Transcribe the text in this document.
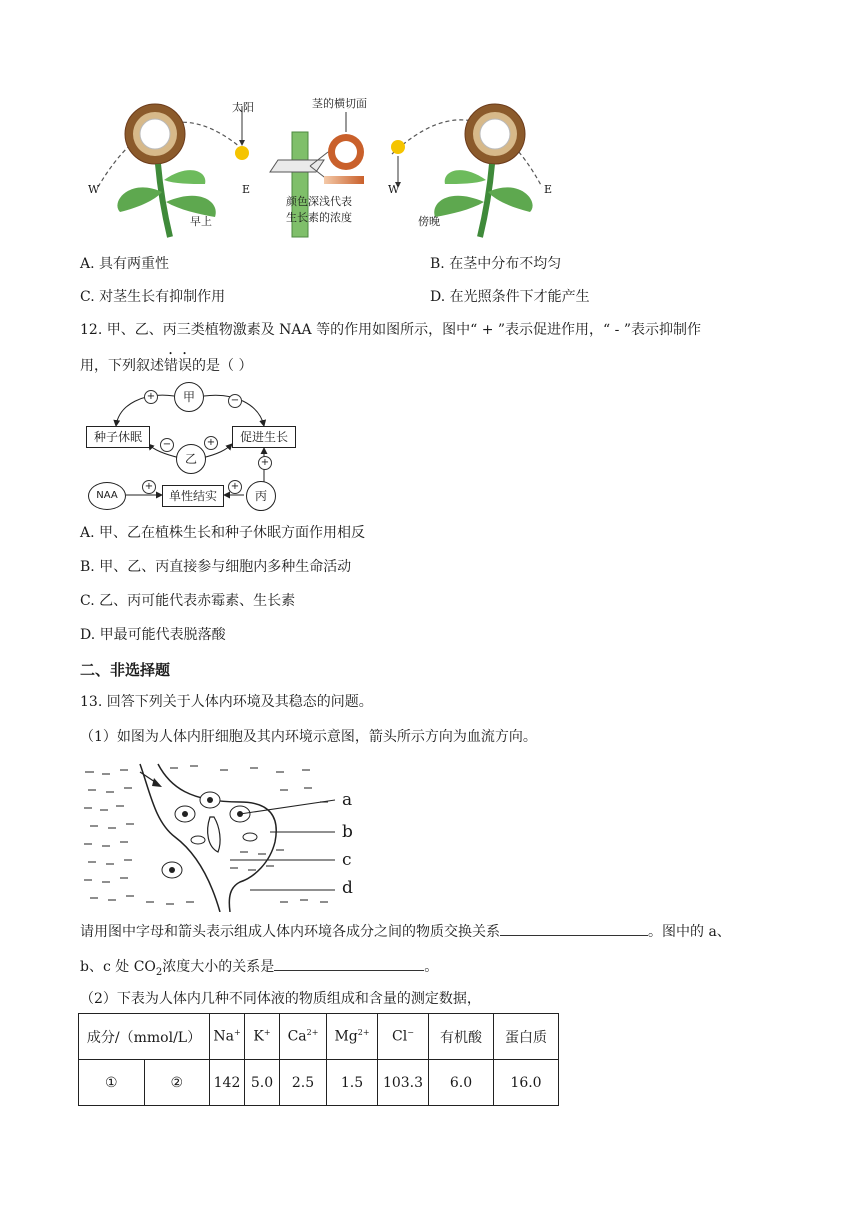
太阳	茎的横切面
颜色深浅代表
生长素的浓度
W	E
早上
W	E
傍晚
A. 具有两重性	B. 在茎中分布不均匀
C. 对茎生长有抑制作用	D. 在光照条件下才能产生
12. 甲、乙、丙三类植物激素及 NAA 等的作用如图所示，图中“ + ”表示促进作用，“ - ”表示抑制作
用，下列叙述错误的是（ ）
甲
种子休眠	促进生长
乙
NAA	单性结实	丙
+	−
−	+
+	+
+
A. 甲、乙在植株生长和种子休眠方面作用相反
B. 甲、乙、丙直接参与细胞内多种生命活动
C. 乙、丙可能代表赤霉素、生长素
D. 甲最可能代表脱落酸
二、非选择题
13. 回答下列关于人体内环境及其稳态的问题。
（1）如图为人体内肝细胞及其内环境示意图，箭头所示方向为血流方向。
a
b
c
d
请用图中字母和箭头表示组成人体内环境各成分之间的物质交换关系	。图中的 a、
b、c 处 $CO_2$浓度大小的关系是	。
（2）下表为人体内几种不同体液的物质组成和含量的测定数据，
成分/（mmol/L）		Na+	K+	$Ca^{2+}$	$Mg^{2+}$	Cl−	有机酸	蛋白质
①	②	142	5.0	2.5	1.5	103.3	6.0	16.0
